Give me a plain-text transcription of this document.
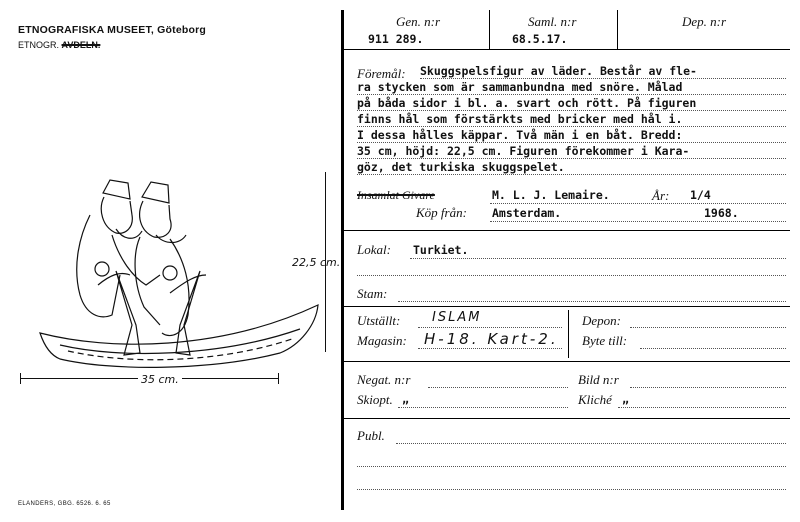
ETNOGRAFISKA MUSEET, Göteborg
ETNOGR. AVDELN.
35 cm.
22,5 cm.
ELANDERS, GBG. 6526. 6. 65
Gen. n:r
911 289.
Saml. n:r
68.5.17.
Dep. n:r
Föremål: Skuggspelsfigur av läder. Består av fle-
ra stycken som är sammanbundna med snöre. Målad
på båda sidor i bl. a. svart och rött. På figuren
finns hål som förstärkts med bricker med hål i.
I dessa hålles käppar. Två män i en båt. Bredd:
35 cm, höjd: 22,5 cm. Figuren förekommer i Kara-
göz, det turkiska skuggspelet.
Insamlat Givare	M. L. J. Lemaire.	År: 1/4
Köp från: Amsterdam.	1968.
Lokal: Turkiet.
Stam:
Utställt: ISLAM
Magasin: H-18. Kart-2.
Depon:
Byte till:
Negat. n:r	Bild n:r
Skiopt. „	Kliché „
Publ.
